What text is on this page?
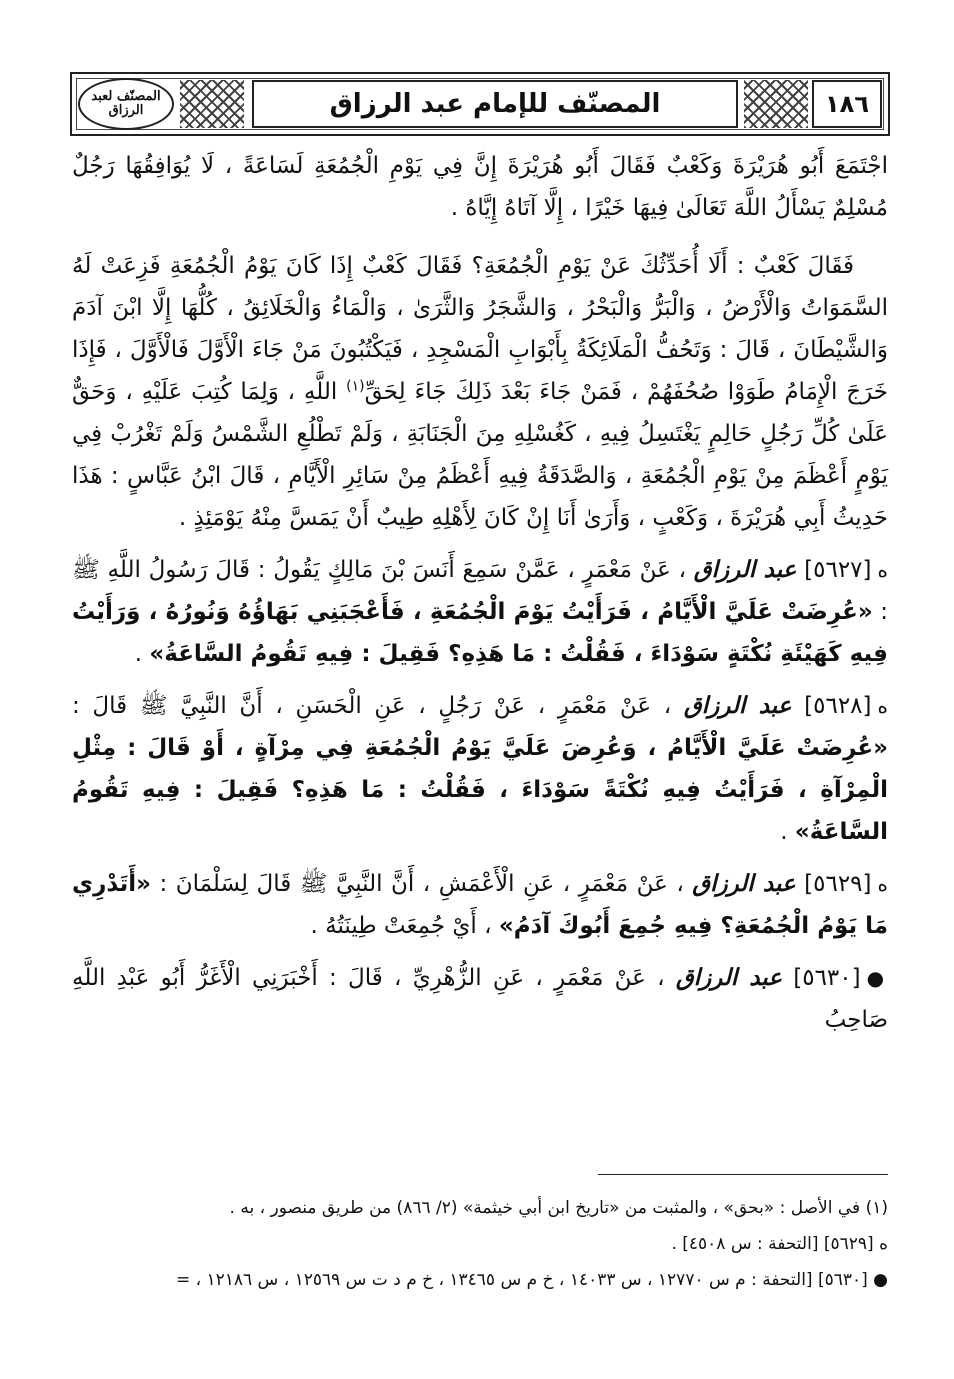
١٨٦
المصنّف للإمام عبد الرزاق
المصنّف لعبد الرزاق

اجْتَمَعَ أَبُو هُرَيْرَةَ وَكَعْبٌ فَقَالَ أَبُو هُرَيْرَةَ إِنَّ فِي يَوْمِ الْجُمُعَةِ لَسَاعَةً ، لَا يُوَافِقُهَا رَجُلٌ مُسْلِمٌ يَسْأَلُ اللَّهَ تَعَالَىٰ فِيهَا خَيْرًا ، إِلَّا آتَاهُ إِيَّاهُ .

فَقَالَ كَعْبٌ : أَلَا أُحَدِّثُكَ عَنْ يَوْمِ الْجُمُعَةِ؟ فَقَالَ كَعْبٌ إِذَا كَانَ يَوْمُ الْجُمُعَةِ فَزِعَتْ لَهُ السَّمَوَاتُ وَالْأَرْضُ ، وَالْبَرُّ وَالْبَحْرُ ، وَالشَّجَرُ وَالثَّرَىٰ ، وَالْمَاءُ وَالْخَلَائِقُ ، كُلُّهَا إِلَّا ابْنَ آدَمَ وَالشَّيْطَانَ ، قَالَ : وَتَحُفُّ الْمَلَائِكَةُ بِأَبْوَابِ الْمَسْجِدِ ، فَيَكْتُبُونَ مَنْ جَاءَ الْأَوَّلَ فَالْأَوَّلَ ، فَإِذَا خَرَجَ الْإِمَامُ طَوَوْا صُحُفَهُمْ ، فَمَنْ جَاءَ بَعْدَ ذَلِكَ جَاءَ لِحَقِّ$^{(١)}$ اللَّهِ ، وَلِمَا كُتِبَ عَلَيْهِ ، وَحَقٌّ عَلَىٰ كُلِّ رَجُلٍ حَالِمٍ يَغْتَسِلُ فِيهِ ، كَغُسْلِهِ مِنَ الْجَنَابَةِ ، وَلَمْ تَطْلُعِ الشَّمْسُ وَلَمْ تَغْرُبْ فِي يَوْمٍ أَعْظَمَ مِنْ يَوْمِ الْجُمُعَةِ ، وَالصَّدَقَةُ فِيهِ أَعْظَمُ مِنْ سَائِرِ الْأَيَّامِ ، قَالَ ابْنُ عَبَّاسٍ : هَذَا حَدِيثُ أَبِي هُرَيْرَةَ ، وَكَعْبٍ ، وَأَرَىٰ أَنَا إِنْ كَانَ لِأَهْلِهِ طِيبٌ أَنْ يَمَسَّ مِنْهُ يَوْمَئِذٍ .

ه[٥٦٢٧] عبد الرزاق ، عَنْ مَعْمَرٍ ، عَمَّنْ سَمِعَ أَنَسَ بْنَ مَالِكٍ يَقُولُ : قَالَ رَسُولُ اللَّهِ ﷺ : «عُرِضَتْ عَلَيَّ الْأَيَّامُ ، فَرَأَيْتُ يَوْمَ الْجُمُعَةِ ، فَأَعْجَبَنِي بَهَاؤُهُ وَنُورُهُ ، وَرَأَيْتُ فِيهِ كَهَيْئَةِ نُكْتَةٍ سَوْدَاءَ ، فَقُلْتُ : مَا هَذِهِ؟ فَقِيلَ : فِيهِ تَقُومُ السَّاعَةُ» .

ه[٥٦٢٨] عبد الرزاق ، عَنْ مَعْمَرٍ ، عَنْ رَجُلٍ ، عَنِ الْحَسَنِ ، أَنَّ النَّبِيَّ ﷺ قَالَ : «عُرِضَتْ عَلَيَّ الْأَيَّامُ ، وَعُرِضَ عَلَيَّ يَوْمُ الْجُمُعَةِ فِي مِرْآةٍ ، أَوْ قَالَ : مِثْلِ الْمِرْآةِ ، فَرَأَيْتُ فِيهِ نُكْتَةً سَوْدَاءَ ، فَقُلْتُ : مَا هَذِهِ؟ فَقِيلَ : فِيهِ تَقُومُ السَّاعَةُ» .

ه[٥٦٢٩] عبد الرزاق ، عَنْ مَعْمَرٍ ، عَنِ الْأَعْمَشِ ، أَنَّ النَّبِيَّ ﷺ قَالَ لِسَلْمَانَ : «أَتَدْرِي مَا يَوْمُ الْجُمُعَةِ؟ فِيهِ جُمِعَ أَبُوكَ آدَمُ» ، أَيْ جُمِعَتْ طِينَتُهُ .

●[٥٦٣٠] عبد الرزاق ، عَنْ مَعْمَرٍ ، عَنِ الزُّهْرِيِّ ، قَالَ : أَخْبَرَنِي الْأَغَرُّ أَبُو عَبْدِ اللَّهِ صَاحِبُ

(١) في الأصل : «بحق» ، والمثبت من «تاريخ ابن أبي خيثمة» (٢/ ٨٦٦) من طريق منصور ، به .

ه [٥٦٢٩] [التحفة : س ٤٥٠٨] .

● [٥٦٣٠] [التحفة : م س ١٢٧٧٠ ، س ١٤٠٣٣ ، خ م س ١٣٤٦٥ ، خ م د ت س ١٢٥٦٩ ، س ١٢١٨٦ ، =
